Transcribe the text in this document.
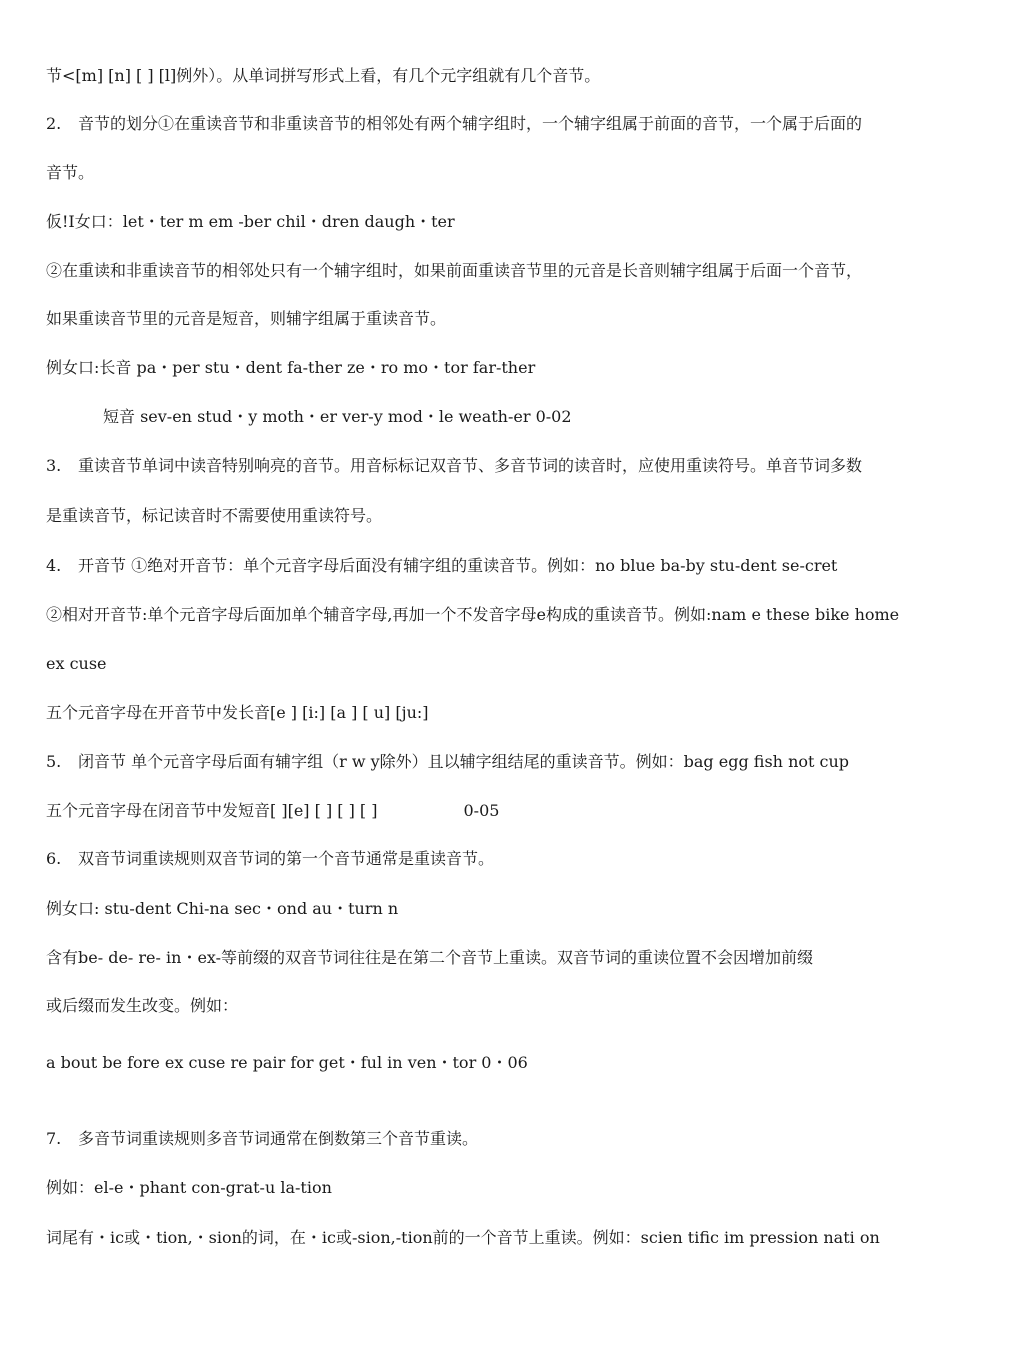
节<[m] [n] [ ] [l]例外）。从单词拼写形式上看，有几个元字组就有几个音节。
2. 音节的划分①在重读音节和非重读音节的相邻处有两个辅字组时，一个辅字组属于前面的音节，一个属于后面的
音节。
仮!I女口：let・ter m em -ber chil・dren daugh・ter
②在重读和非重读音节的相邻处只有一个辅字组时，如果前面重读音节里的元音是长音则辅字组属于后面一个音节，
如果重读音节里的元音是短音，则辅字组属于重读音节。
例女口:长音 pa・per stu・dent fa-ther ze・ro mo・tor far-ther
短音 sev-en stud・y moth・er ver-y mod・le weath-er 0-02
3. 重读音节单词中读音特别响亮的音节。用音标标记双音节、多音节词的读音时，应使用重读符号。单音节词多数
是重读音节，标记读音时不需要使用重读符号。
4. 开音节 ①绝对开音节：单个元音字母后面没有辅字组的重读音节。例如：no blue ba-by stu-dent se-cret
②相对开音节:单个元音字母后面加单个辅音字母,再加一个不发音字母e构成的重读音节。例如:nam e these bike home
ex cuse
五个元音字母在开音节中发长音[e ] [i:] [a ] [ u] [ju:]
5. 闭音节 单个元音字母后面有辅字组（r w y除外）且以辅字组结尾的重读音节。例如：bag egg fish not cup
五个元音字母在闭音节中发短音[ ][e] [ ] [ ] [ ]	0-05
6. 双音节词重读规则双音节词的第一个音节通常是重读音节。
例女口: stu-dent Chi-na sec・ond au・turn n
含有be- de- re- in・ex-等前缀的双音节词往往是在第二个音节上重读。双音节词的重读位置不会因增加前缀
或后缀而发生改变。例如：
a bout be fore ex cuse re pair for get・ful in ven・tor 0・06
7. 多音节词重读规则多音节词通常在倒数第三个音节重读。
例如：el-e・phant con-grat-u la-tion
词尾有・ic或・tion,・sion的词，在・ic或-sion,-tion前的一个音节上重读。例如：scien tific im pression nati on
